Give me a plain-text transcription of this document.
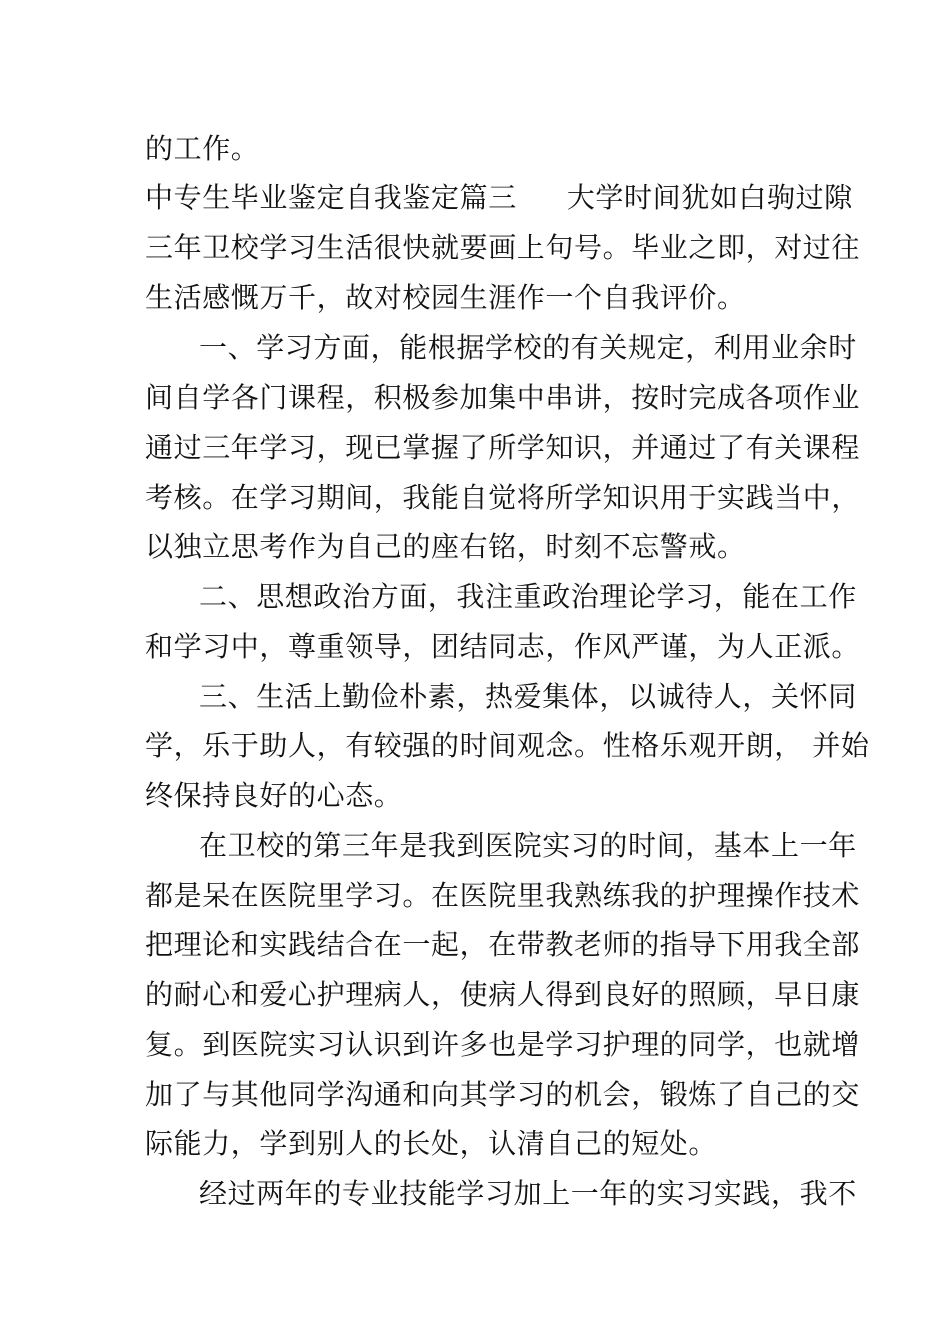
的工作。
中专生毕业鉴定自我鉴定篇三 大学时间犹如白驹过隙
三年卫校学习生活很快就要画上句号。毕业之即，对过往
生活感慨万千，故对校园生涯作一个自我评价。
一、学习方面，能根据学校的有关规定，利用业余时
间自学各门课程，积极参加集中串讲，按时完成各项作业
通过三年学习，现已掌握了所学知识，并通过了有关课程
考核。在学习期间，我能自觉将所学知识用于实践当中，
以独立思考作为自己的座右铭，时刻不忘警戒。
二、思想政治方面，我注重政治理论学习，能在工作
和学习中，尊重领导，团结同志，作风严谨，为人正派。
三、生活上勤俭朴素，热爱集体，以诚待人，关怀同
学，乐于助人，有较强的时间观念。性格乐观开朗， 并始
终保持良好的心态。
在卫校的第三年是我到医院实习的时间，基本上一年
都是呆在医院里学习。在医院里我熟练我的护理操作技术
把理论和实践结合在一起，在带教老师的指导下用我全部
的耐心和爱心护理病人，使病人得到良好的照顾，早日康
复。到医院实习认识到许多也是学习护理的同学，也就增
加了与其他同学沟通和向其学习的机会，锻炼了自己的交
际能力，学到别人的长处，认清自己的短处。
经过两年的专业技能学习加上一年的实习实践，我不
